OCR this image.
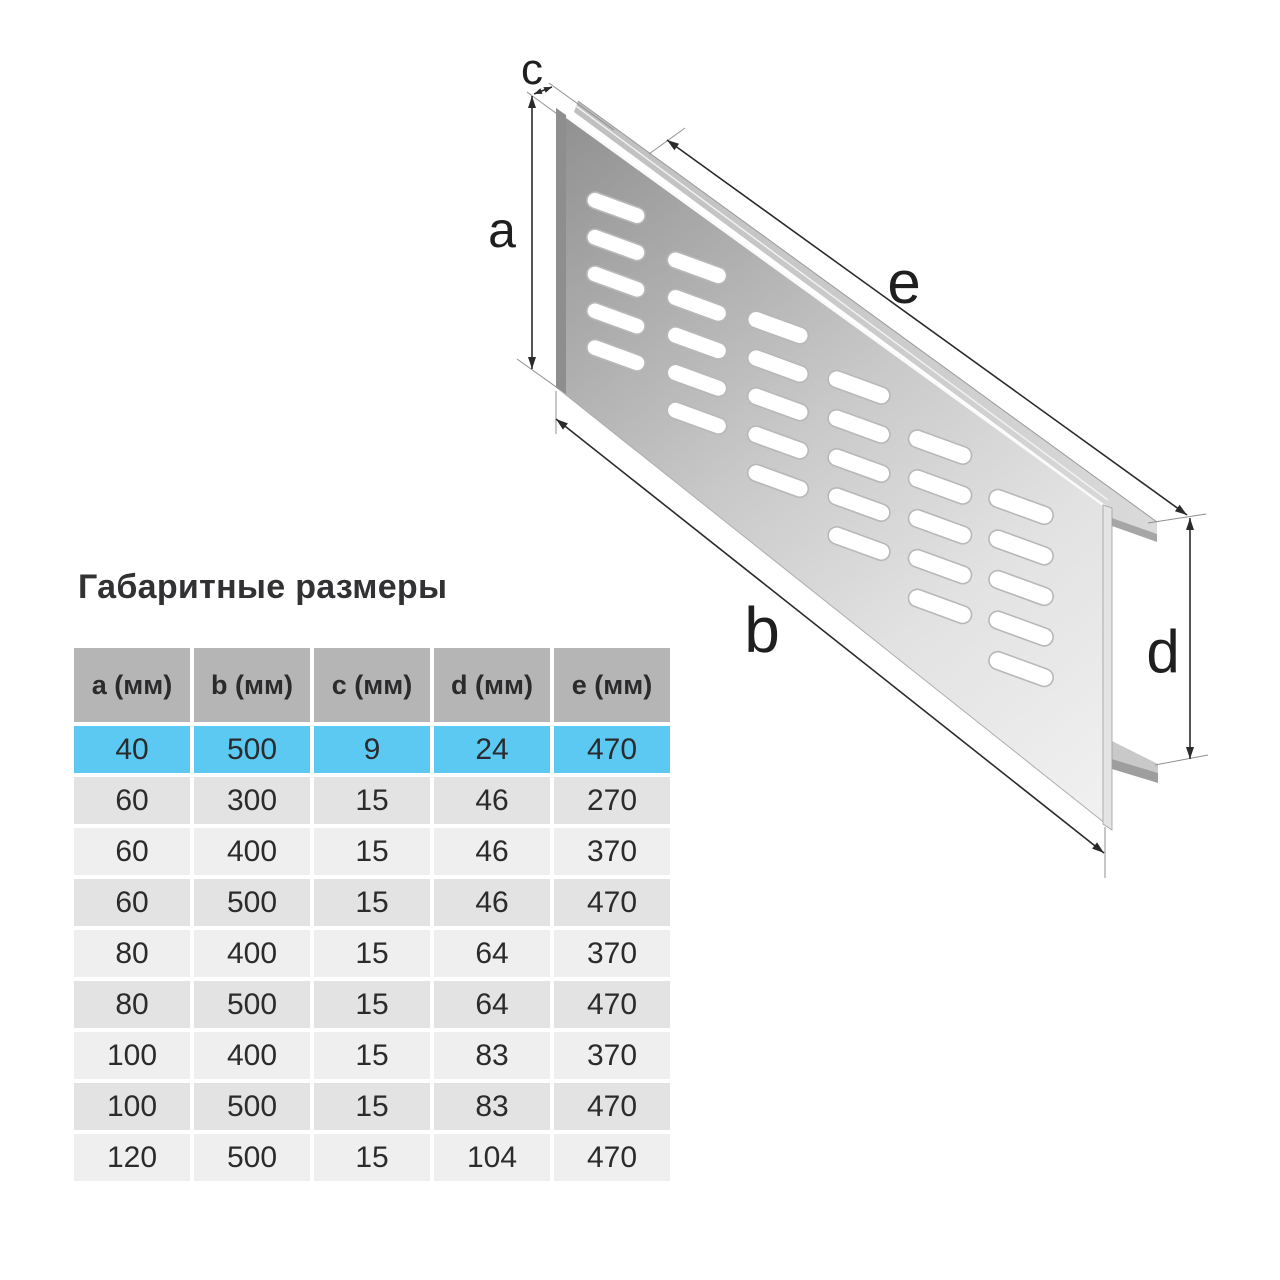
c
a
e
b	d
Габаритные размеры
a (мм)	b (мм)	c (мм)	d (мм)	e (мм)
40	500	9	24	470
60	300	15	46	270
60	400	15	46	370
60	500	15	46	470
80	400	15	64	370
80	500	15	64	470
100	400	15	83	370
100	500	15	83	470
120	500	15	104	470
